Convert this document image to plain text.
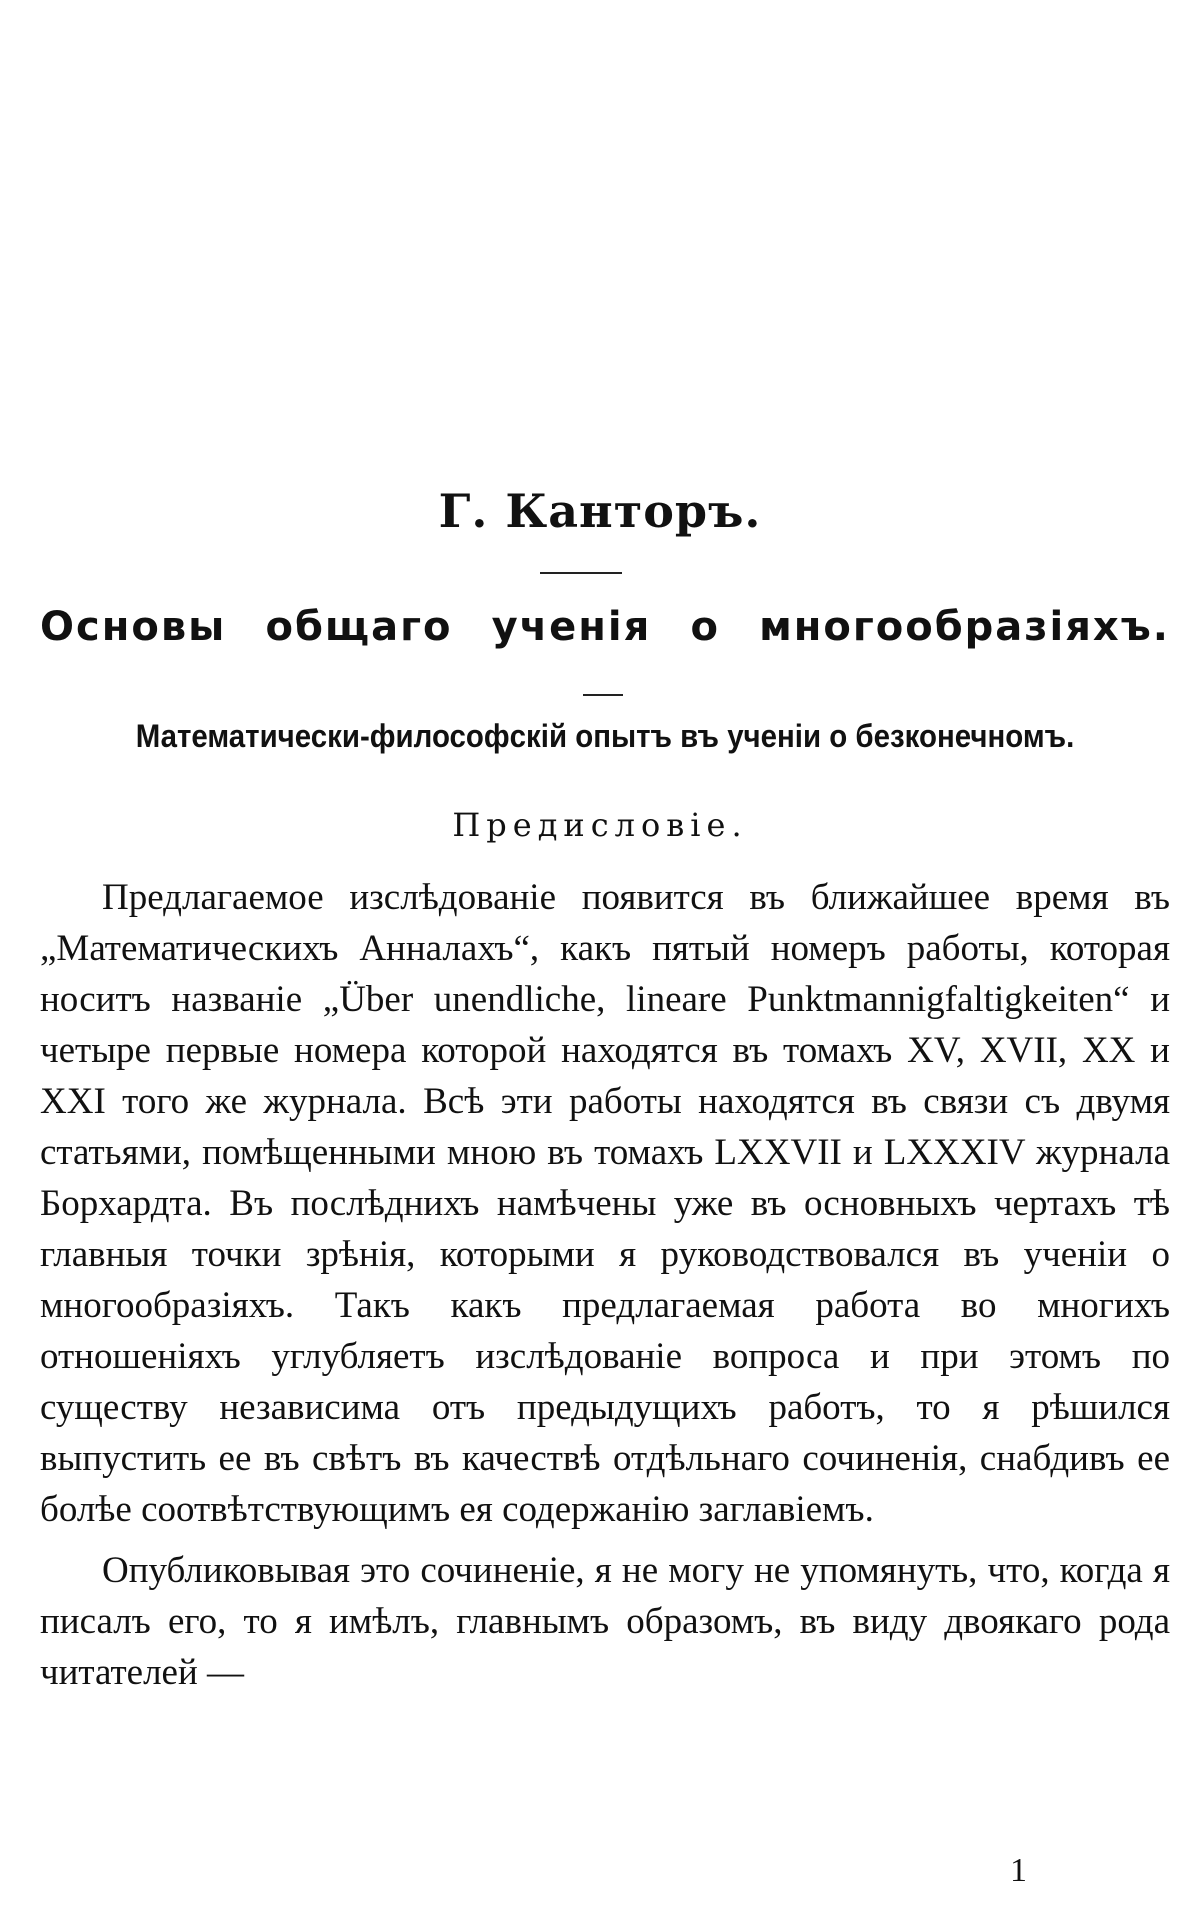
Г. Канторъ.
Основы общаго ученія о многообразіяхъ.
Математически-философскій опытъ въ ученіи о безконечномъ.
Предисловіе.

Предлагаемое изслѣдованіе появится въ ближайшее время въ „Математическихъ Анналахъ“, какъ пятый номеръ работы, которая носитъ названіе „Über unendliche, lineare Punktmannigfaltigkeiten“ и четыре первые номера которой находятся въ томахъ XV, XVII, XX и XXI того же журнала. Всѣ эти работы находятся въ связи съ двумя статьями, помѣщенными мною въ томахъ LXXVII и LXXXIV журнала Борхардта. Въ послѣднихъ намѣчены уже въ основныхъ чертахъ тѣ главныя точки зрѣнія, которыми я руководствовался въ ученіи о многообразіяхъ. Такъ какъ предлагаемая работа во многихъ отношеніяхъ углубляетъ изслѣдованіе вопроса и при этомъ по существу независима отъ предыдущихъ работъ, то я рѣшился выпустить ее въ свѣтъ въ качествѣ отдѣльнаго сочиненія, снабдивъ ее болѣе соотвѣтствующимъ ея содержанію заглавіемъ.

Опубликовывая это сочиненіе, я не могу не упомянуть, что, когда я писалъ его, то я имѣлъ, главнымъ образомъ, въ виду двоякаго рода читателей —

1
